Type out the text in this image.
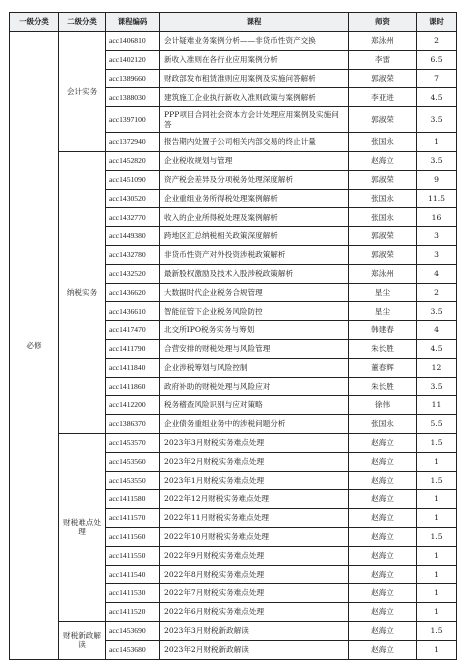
一级分类	二级分类	课程编码	课程	师资	课时
必修	会计实务	acc1406810	会计疑难业务案例分析——非货币性资产交换	郑泳州	2
		acc1402120	新收入准则在各行业应用案例分析	李雷	6.5
		acc1389660	财政部发布租赁准则应用案例及实施问答解析	郭淑荣	7
		acc1388030	建筑施工企业执行新收入准则政策与案例解析	李亚进	4.5
		acc1397100	PPP项目合同社会资本方会计处理应用案例及实施问答	郭淑荣	3.5
		acc1372940	报告期内处置子公司相关内部交易的终止计量	张国永	1
	纳税实务	acc1452820	企业税收规划与管理	赵海立	3.5
		acc1451090	资产税会差异及分项税务处理深度解析	郭淑荣	9
		acc1430520	企业重组业务所得税处理案例解析	张国永	11.5
		acc1432770	收入的企业所得税处理及案例解析	张国永	16
		acc1449380	跨地区汇总纳税相关政策深度解析	郭淑荣	3
		acc1432780	非货币性资产对外投资涉税政策解析	郭淑荣	3
		acc1432520	最新股权激励及技术入股涉税政策解析	郑泳州	4
		acc1436620	大数据时代企业税务合规管理	星尘	2
		acc1436610	智能征管下企业税务风险防控	星尘	3.5
		acc1417470	北交所IPO税务实务与筹划	韩建春	4
		acc1411790	合营安排的财税处理与风险管理	朱长胜	4.5
		acc1411840	企业涉税筹划与风险控制	董春辉	12
		acc1411860	政府补助的财税处理与风险应对	朱长胜	3.5
		acc1412200	税务稽查风险识别与应对策略	徐伟	11
		acc1386370	企业债务重组业务中的涉税问题分析	张国永	5.5
	财税难点处理	acc1453570	2023年3月财税实务难点处理	赵海立	1.5
		acc1453560	2023年2月财税实务难点处理	赵海立	1
		acc1453550	2023年1月财税实务难点处理	赵海立	1.5
		acc1411580	2022年12月财税实务难点处理	赵海立	1
		acc1411570	2022年11月财税实务难点处理	赵海立	1
		acc1411560	2022年10月财税实务难点处理	赵海立	1.5
		acc1411550	2022年9月财税实务难点处理	赵海立	1
		acc1411540	2022年8月财税实务难点处理	赵海立	1
		acc1411530	2022年7月财税实务难点处理	赵海立	1
		acc1411520	2022年6月财税实务难点处理	赵海立	1
	财税新政解读	acc1453690	2023年3月财税新政解读	赵海立	1.5
		acc1453680	2023年2月财税新政解读	赵海立	1
